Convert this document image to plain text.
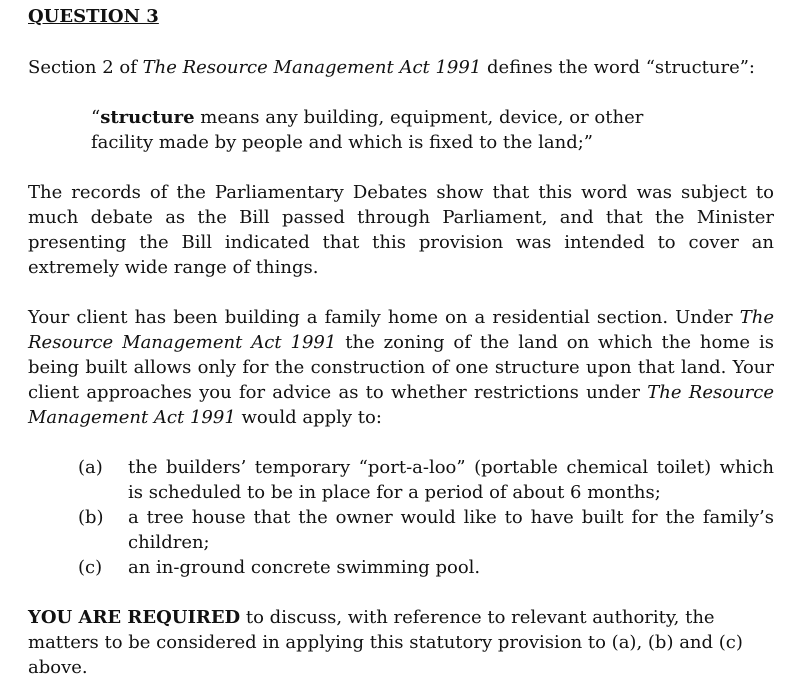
QUESTION 3

Section 2 of The Resource Management Act 1991 defines the word “structure”:

“structure means any building, equipment, device, or other

facility made by people and which is fixed to the land;”

The records of the Parliamentary Debates show that this word was subject to much debate as the Bill passed through Parliament, and that the Minister presenting the Bill indicated that this provision was intended to cover an extremely wide range of things.

Your client has been building a family home on a residential section. Under The Resource Management Act 1991 the zoning of the land on which the home is being built allows only for the construction of one structure upon that land. Your client approaches you for advice as to whether restrictions under The Resource Management Act 1991 would apply to:

(a)	the builders’ temporary “port-a-loo” (portable chemical toilet) which is scheduled to be in place for a period of about 6 months;
(b)	a tree house that the owner would like to have built for the family’s children;
(c)	an in-ground concrete swimming pool.

YOU ARE REQUIRED to discuss, with reference to relevant authority, the matters to be considered in applying this statutory provision to (a), (b) and (c) above.
